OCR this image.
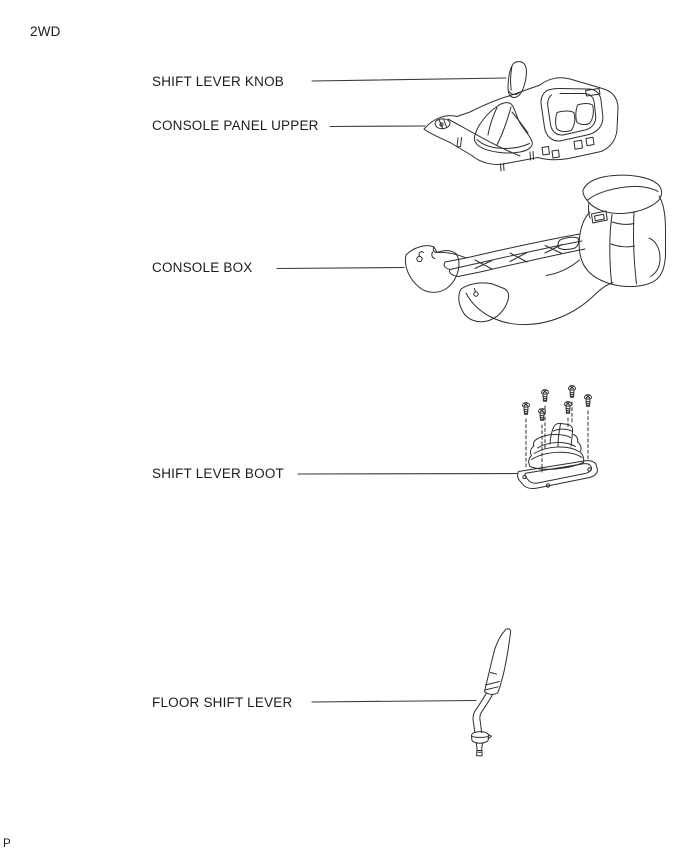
2WD
P
SHIFT LEVER KNOB
CONSOLE PANEL UPPER
CONSOLE BOX
SHIFT LEVER BOOT
FLOOR SHIFT LEVER
